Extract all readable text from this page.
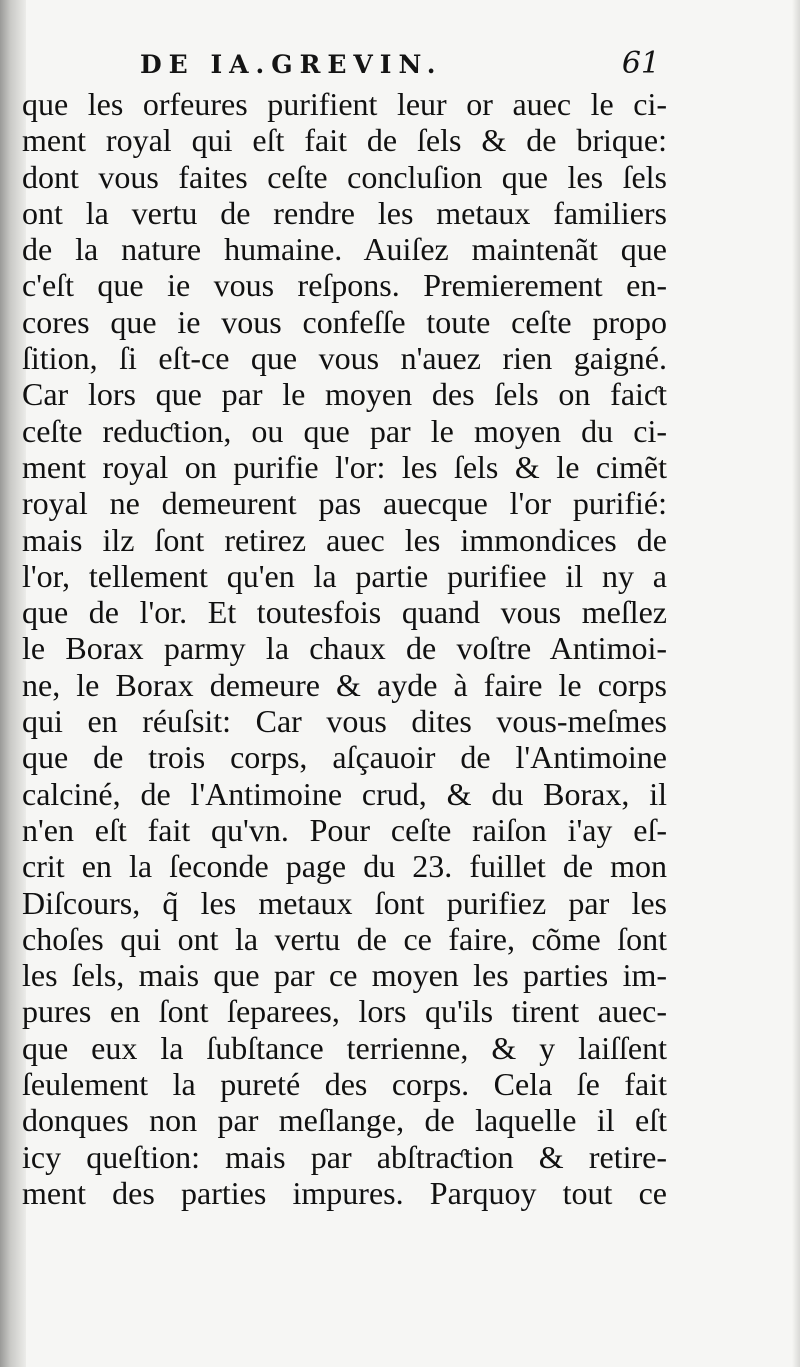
DE IA.GREVIN.	61
que les orfeures purifient leur or auec le ci-
ment royal qui eſt fait de ſels & de brique:
dont vous faites ceſte concluſion que les ſels
ont la vertu de rendre les metaux familiers
de la nature humaine. Auiſez maintenãt que
c'eſt que ie vous reſpons. Premierement en-
cores que ie vous confeſſe toute ceſte propo
ſition, ſi eſt-ce que vous n'auez rien gaigné.
Car lors que par le moyen des ſels on faiƈt
ceſte reduƈtion, ou que par le moyen du ci-
ment royal on purifie l'or: les ſels & le cimẽt
royal ne demeurent pas auecque l'or purifié:
mais ilz ſont retirez auec les immondices de
l'or, tellement qu'en la partie purifiee il ny a
que de l'or. Et toutesfois quand vous meſlez
le Borax parmy la chaux de voſtre Antimoi-
ne, le Borax demeure & ayde à faire le corps
qui en réuſsit: Car vous dites vous-meſmes
que de trois corps, aſçauoir de l'Antimoine
calciné, de l'Antimoine crud, & du Borax, il
n'en eſt fait qu'vn. Pour ceſte raiſon i'ay eſ-
crit en la ſeconde page du 23. fuillet de mon
Diſcours, q̃ les metaux ſont purifiez par les
choſes qui ont la vertu de ce faire, cõme ſont
les ſels, mais que par ce moyen les parties im-
pures en ſont ſeparees, lors qu'ils tirent auec-
que eux la ſubſtance terrienne, & y laiſſent
ſeulement la pureté des corps. Cela ſe fait
donques non par meſlange, de laquelle il eſt
icy queſtion: mais par abſtraƈtion & retire-
ment des parties impures. Parquoy tout ce
